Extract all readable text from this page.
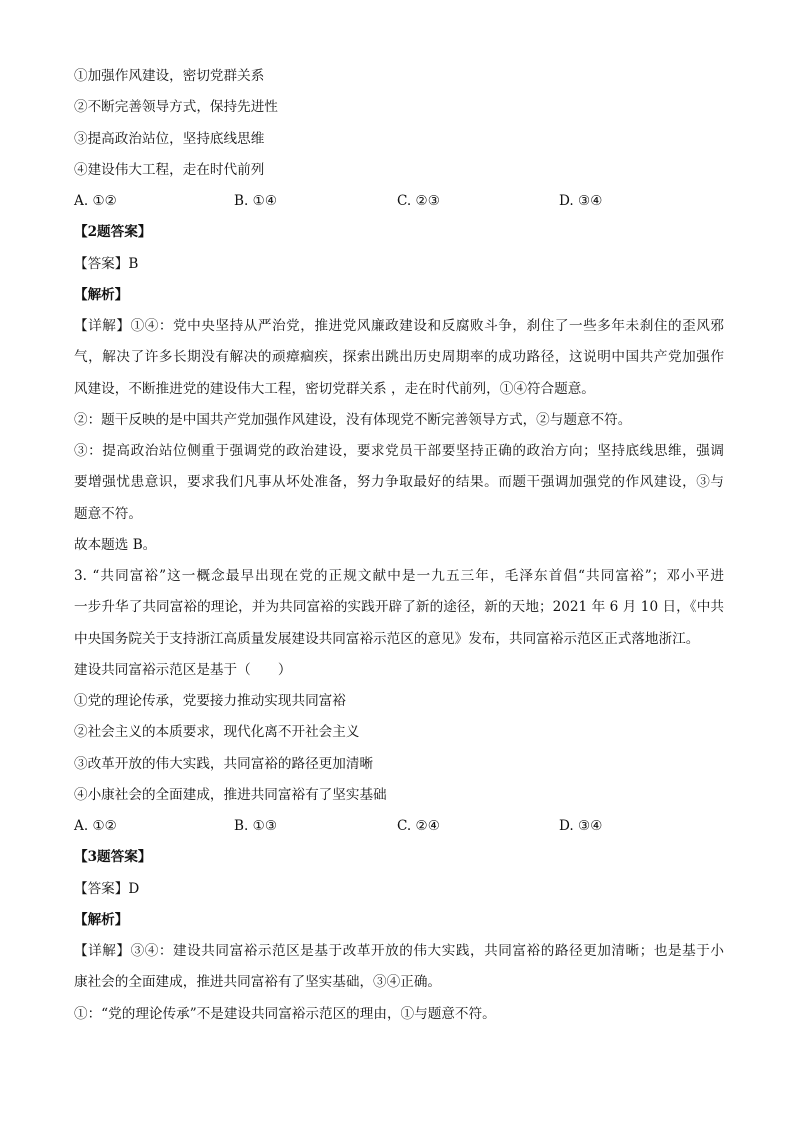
①加强作风建设，密切党群关系
②不断完善领导方式，保持先进性
③提高政治站位，坚持底线思维
④建设伟大工程，走在时代前列
A. ①②	B. ①④	C. ②③	D. ③④
【2题答案】
【答案】B
【解析】
【详解】①④：党中央坚持从严治党，推进党风廉政建设和反腐败斗争，刹住了一些多年未刹住的歪风邪
气，解决了许多长期没有解决的顽瘴痼疾，探索出跳出历史周期率的成功路径，这说明中国共产党加强作
风建设，不断推进党的建设伟大工程，密切党群关系 ，走在时代前列，①④符合题意。
②：题干反映的是中国共产党加强作风建设，没有体现党不断完善领导方式，②与题意不符。
③：提高政治站位侧重于强调党的政治建设，要求党员干部要坚持正确的政治方向；坚持底线思维，强调
要增强忧患意识，要求我们凡事从坏处准备，努力争取最好的结果。而题干强调加强党的作风建设，③与
题意不符。
故本题选 B。
3. “共同富裕”这一概念最早出现在党的正规文献中是一九五三年，毛泽东首倡“共同富裕”；邓小平进
一步升华了共同富裕的理论，并为共同富裕的实践开辟了新的途径，新的天地；2021 年 6 月 10 日，《中共
中央国务院关于支持浙江高质量发展建设共同富裕示范区的意见》发布，共同富裕示范区正式落地浙江。
建设共同富裕示范区是基于（　　）
①党的理论传承，党要接力推动实现共同富裕
②社会主义的本质要求，现代化离不开社会主义
③改革开放的伟大实践，共同富裕的路径更加清晰
④小康社会的全面建成，推进共同富裕有了坚实基础
A. ①②	B. ①③	C. ②④	D. ③④
【3题答案】
【答案】D
【解析】
【详解】③④：建设共同富裕示范区是基于改革开放的伟大实践，共同富裕的路径更加清晰；也是基于小
康社会的全面建成，推进共同富裕有了坚实基础，③④正确。
①：“党的理论传承”不是建设共同富裕示范区的理由，①与题意不符。
